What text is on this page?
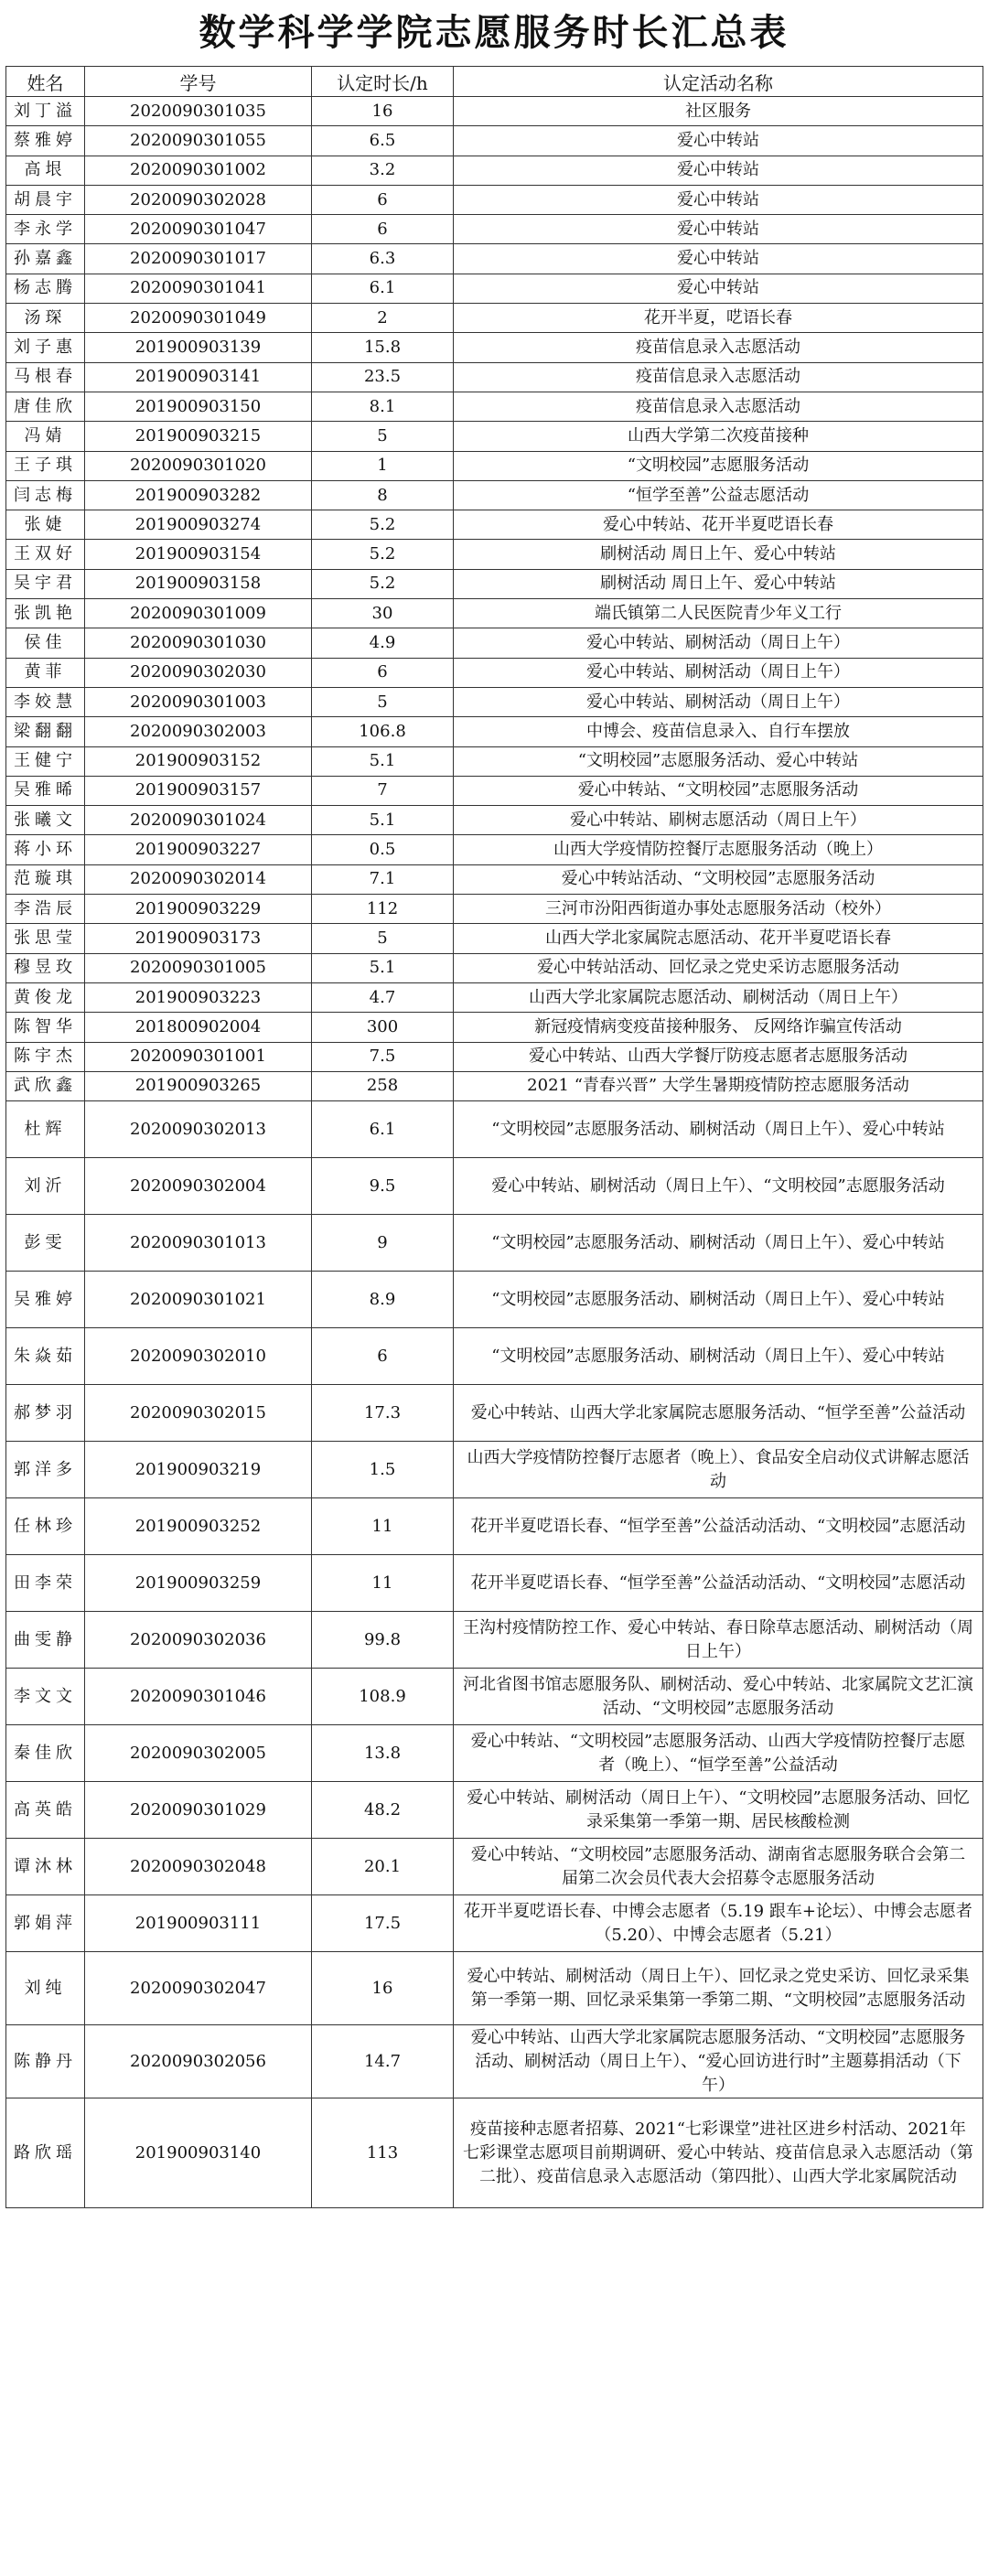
数学科学学院志愿服务时长汇总表
姓名	学号	认定时长/h	认定活动名称
刘丁溢	2020090301035	16	社区服务
蔡雅婷	2020090301055	6.5	爱心中转站
高垠	2020090301002	3.2	爱心中转站
胡晨宇	2020090302028	6	爱心中转站
李永学	2020090301047	6	爱心中转站
孙嘉鑫	2020090301017	6.3	爱心中转站
杨志腾	2020090301041	6.1	爱心中转站
汤琛	2020090301049	2	花开半夏，呓语长春
刘子惠	201900903139	15.8	疫苗信息录入志愿活动
马根春	201900903141	23.5	疫苗信息录入志愿活动
唐佳欣	201900903150	8.1	疫苗信息录入志愿活动
冯婧	201900903215	5	山西大学第二次疫苗接种
王子琪	2020090301020	1	“文明校园”志愿服务活动
闫志梅	201900903282	8	“恒学至善”公益志愿活动
张婕	201900903274	5.2	爱心中转站、花开半夏呓语长春
王双好	201900903154	5.2	刷树活动 周日上午、爱心中转站
吴宇君	201900903158	5.2	刷树活动 周日上午、爱心中转站
张凯艳	2020090301009	30	端氏镇第二人民医院青少年义工行
侯佳	2020090301030	4.9	爱心中转站、刷树活动（周日上午）
黄菲	2020090302030	6	爱心中转站、刷树活动（周日上午）
李姣慧	2020090301003	5	爱心中转站、刷树活动（周日上午）
梁翻翻	2020090302003	106.8	中博会、疫苗信息录入、自行车摆放
王健宁	201900903152	5.1	“文明校园”志愿服务活动、爱心中转站
吴雅晞	201900903157	7	爱心中转站、“文明校园”志愿服务活动
张曦文	2020090301024	5.1	爱心中转站、刷树志愿活动（周日上午）
蒋小环	201900903227	0.5	山西大学疫情防控餐厅志愿服务活动（晚上）
范璇琪	2020090302014	7.1	爱心中转站活动、“文明校园”志愿服务活动
李浩辰	201900903229	112	三河市汾阳西街道办事处志愿服务活动（校外）
张思莹	201900903173	5	山西大学北家属院志愿活动、花开半夏呓语长春
穆昱玫	2020090301005	5.1	爱心中转站活动、回忆录之党史采访志愿服务活动
黄俊龙	201900903223	4.7	山西大学北家属院志愿活动、刷树活动（周日上午）
陈智华	201800902004	300	新冠疫情病变疫苗接种服务、 反网络诈骗宣传活动
陈宇杰	2020090301001	7.5	爱心中转站、山西大学餐厅防疫志愿者志愿服务活动
武欣鑫	201900903265	258	2021 “青春兴晋” 大学生暑期疫情防控志愿服务活动
杜辉	2020090302013	6.1	“文明校园”志愿服务活动、刷树活动（周日上午）、爱心中转站
刘沂	2020090302004	9.5	爱心中转站、刷树活动（周日上午）、“文明校园”志愿服务活动
彭雯	2020090301013	9	“文明校园”志愿服务活动、刷树活动（周日上午）、爱心中转站
吴雅婷	2020090301021	8.9	“文明校园”志愿服务活动、刷树活动（周日上午）、爱心中转站
朱焱茹	2020090302010	6	“文明校园”志愿服务活动、刷树活动（周日上午）、爱心中转站
郝梦羽	2020090302015	17.3	爱心中转站、山西大学北家属院志愿服务活动、“恒学至善”公益活动
郭洋多	201900903219	1.5	山西大学疫情防控餐厅志愿者（晚上）、食品安全启动仪式讲解志愿活动
任林珍	201900903252	11	花开半夏呓语长春、“恒学至善”公益活动活动、“文明校园”志愿活动
田李荣	201900903259	11	花开半夏呓语长春、“恒学至善”公益活动活动、“文明校园”志愿活动
曲雯静	2020090302036	99.8	王沟村疫情防控工作、爱心中转站、春日除草志愿活动、刷树活动（周日上午）
李文文	2020090301046	108.9	河北省图书馆志愿服务队、刷树活动、爱心中转站、北家属院文艺汇演活动、“文明校园”志愿服务活动
秦佳欣	2020090302005	13.8	爱心中转站、“文明校园”志愿服务活动、山西大学疫情防控餐厅志愿者（晚上）、“恒学至善”公益活动
高英皓	2020090301029	48.2	爱心中转站、刷树活动（周日上午）、“文明校园”志愿服务活动、回忆录采集第一季第一期、居民核酸检测
谭沐林	2020090302048	20.1	爱心中转站、“文明校园”志愿服务活动、湖南省志愿服务联合会第二届第二次会员代表大会招募令志愿服务活动
郭娟萍	201900903111	17.5	花开半夏呓语长春、中博会志愿者（5.19 跟车+论坛）、中博会志愿者（5.20）、中博会志愿者（5.21）
刘纯	2020090302047	16	爱心中转站、刷树活动（周日上午）、回忆录之党史采访、回忆录采集第一季第一期、回忆录采集第一季第二期、“文明校园”志愿服务活动
陈静丹	2020090302056	14.7	爱心中转站、山西大学北家属院志愿服务活动、“文明校园”志愿服务活动、刷树活动（周日上午）、“爱心回访进行时”主题募捐活动（下午）
路欣瑶	201900903140	113	疫苗接种志愿者招募、2021“七彩课堂”进社区进乡村活动、2021年七彩课堂志愿项目前期调研、爱心中转站、疫苗信息录入志愿活动（第二批）、疫苗信息录入志愿活动（第四批）、山西大学北家属院活动
